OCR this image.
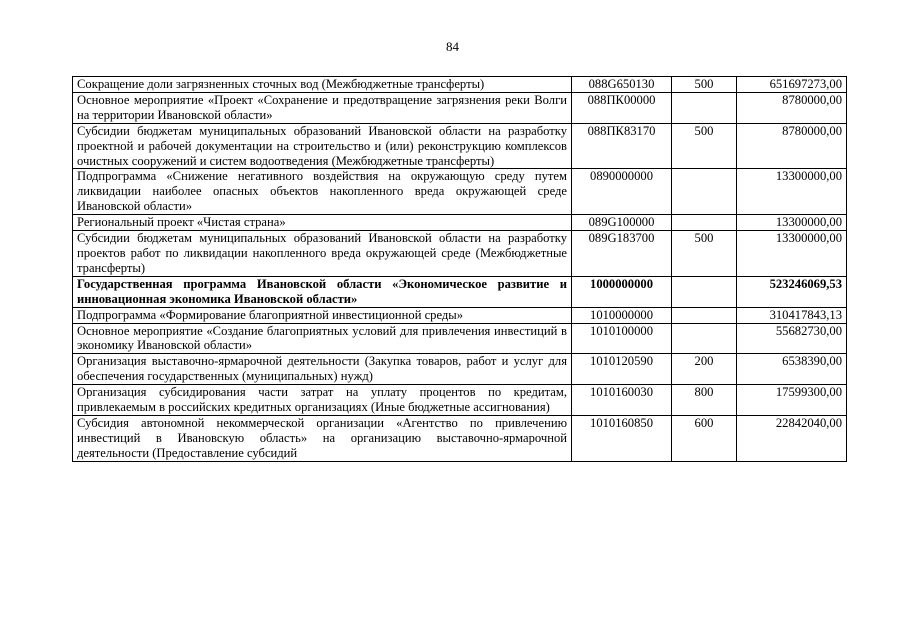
84
Сокращение доли загрязненных сточных вод (Межбюджетные трансферты)	088G650130	500	651697273,00
Основное мероприятие «Проект «Сохранение и предотвращение загрязнения реки Волги на территории Ивановской области»	088ПК00000		8780000,00
Субсидии бюджетам муниципальных образований Ивановской области на разработку проектной и рабочей документации на строительство и (или) реконструкцию комплексов очистных сооружений и систем водоотведения (Межбюджетные трансферты)	088ПК83170	500	8780000,00
Подпрограмма «Снижение негативного воздействия на окружающую среду путем ликвидации наиболее опасных объектов накопленного вреда окружающей среде Ивановской области»	0890000000		13300000,00
Региональный проект «Чистая страна»	089G100000		13300000,00
Субсидии бюджетам муниципальных образований Ивановской области на разработку проектов работ по ликвидации накопленного вреда окружающей среде (Межбюджетные трансферты)	089G183700	500	13300000,00
Государственная программа Ивановской области «Экономическое развитие и инновационная экономика Ивановской области»	1000000000		523246069,53
Подпрограмма «Формирование благоприятной инвестиционной среды»	1010000000		310417843,13
Основное мероприятие «Создание благоприятных условий для привлечения инвестиций в экономику Ивановской области»	1010100000		55682730,00
Организация выставочно-ярмарочной деятельности (Закупка товаров, работ и услуг для обеспечения государственных (муниципальных) нужд)	1010120590	200	6538390,00
Организация субсидирования части затрат на уплату процентов по кредитам, привлекаемым в российских кредитных организациях (Иные бюджетные ассигнования)	1010160030	800	17599300,00
Субсидия автономной некоммерческой организации «Агентство по привлечению инвестиций в Ивановскую область» на организацию выставочно-ярмарочной деятельности (Предоставление субсидий	1010160850	600	22842040,00
